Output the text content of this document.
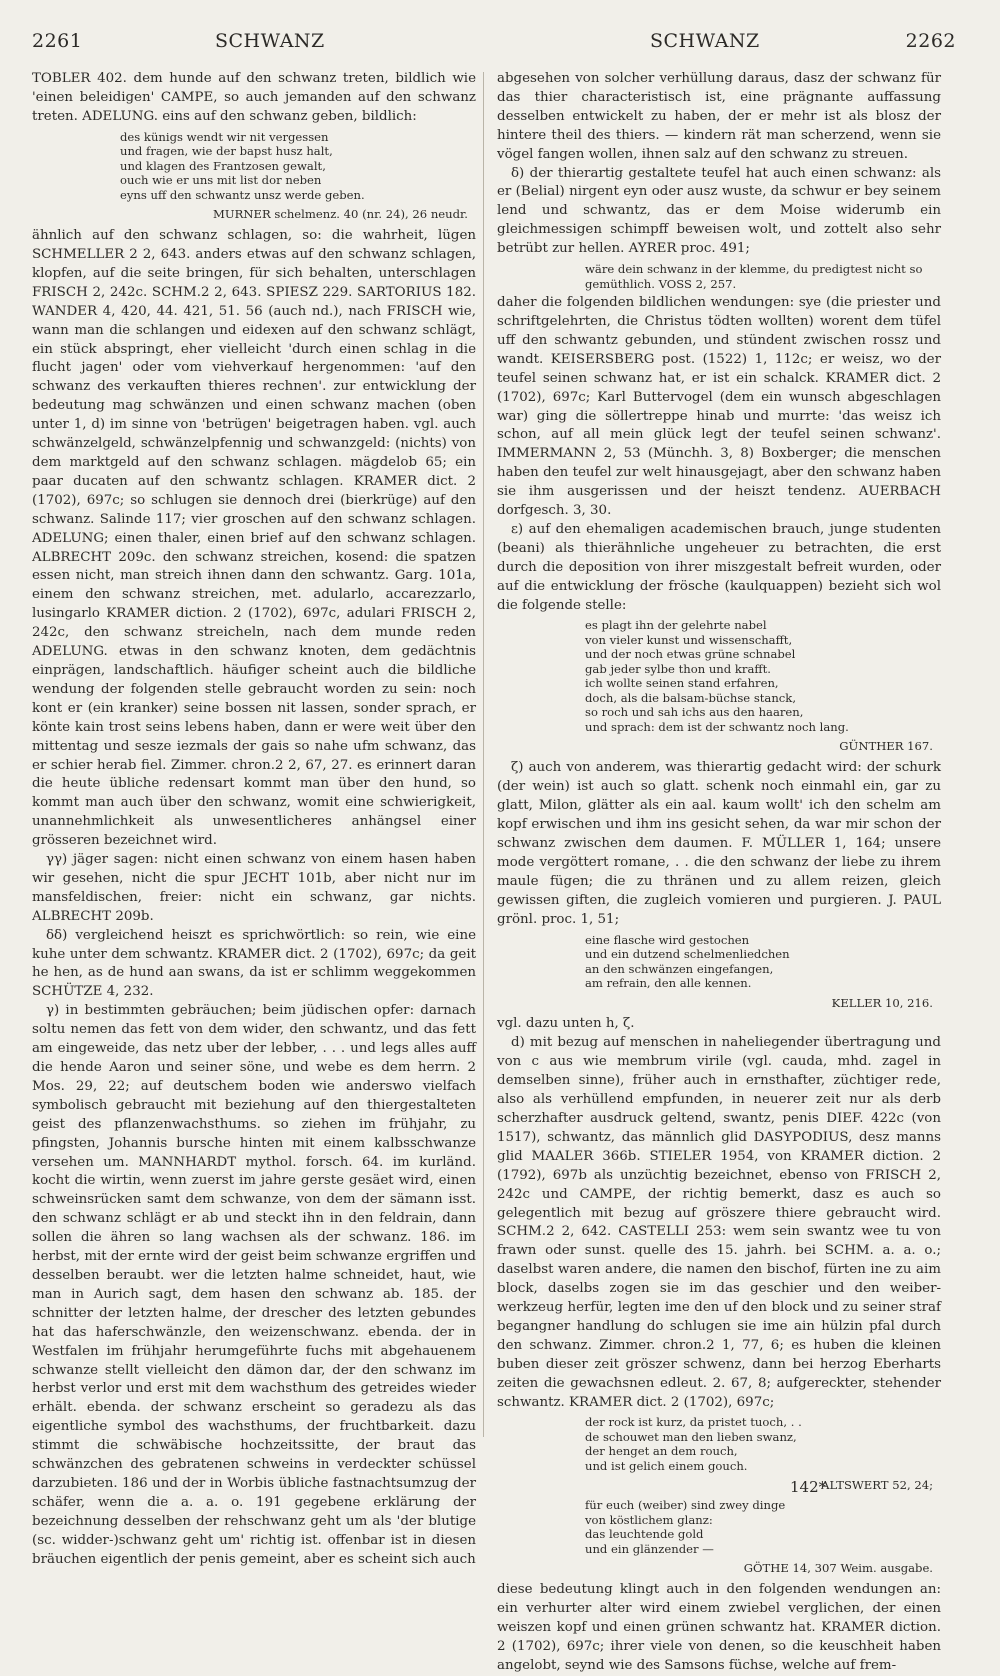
2261	SCHWANZ	SCHWANZ	2262

TOBLER 402. dem hunde auf den schwanz treten, bildlich wie 'einen beleidigen' CAMPE, so auch jemanden auf den schwanz treten. ADELUNG. eins auf den schwanz geben, bildlich:

des künigs wendt wir nit vergessen
und fragen, wie der bapst husz halt,
und klagen des Frantzosen gewalt,
ouch wie er uns mit list dor neben
eyns uff den schwantz unsz werde geben.

MURNER schelmenz. 40 (nr. 24), 26 neudr.

ähnlich auf den schwanz schlagen, so: die wahrheit, lügen SCHMELLER 2 2, 643. anders etwas auf den schwanz schlagen, klopfen, auf die seite bringen, für sich behalten, unterschlagen FRISCH 2, 242c. SCHM.2 2, 643. SPIESZ 229. SARTORIUS 182. WANDER 4, 420, 44. 421, 51. 56 (auch nd.), nach FRISCH wie, wann man die schlangen und eidexen auf den schwanz schlägt, ein stück abspringt, eher vielleicht 'durch einen schlag in die flucht jagen' oder vom viehverkauf hergenommen: 'auf den schwanz des verkauften thieres rechnen'. zur entwicklung der bedeutung mag schwänzen und einen schwanz machen (oben unter 1, d) im sinne von 'betrügen' beigetragen haben. vgl. auch schwänzelgeld, schwänzelpfennig und schwanzgeld: (nichts) von dem marktgeld auf den schwanz schlagen. mägdelob 65; ein paar ducaten auf den schwantz schlagen. KRAMER dict. 2 (1702), 697c; so schlugen sie dennoch drei (bierkrüge) auf den schwanz. Salinde 117; vier groschen auf den schwanz schlagen. ADELUNG; einen thaler, einen brief auf den schwanz schlagen. ALBRECHT 209c. den schwanz streichen, kosend: die spatzen essen nicht, man streich ihnen dann den schwantz. Garg. 101a, einem den schwanz streichen, met. adularlo, accarezzarlo, lusingarlo KRAMER diction. 2 (1702), 697c, adulari FRISCH 2, 242c, den schwanz streicheln, nach dem munde reden ADELUNG. etwas in den schwanz knoten, dem gedächtnis einprägen, landschaftlich. häufiger scheint auch die bildliche wendung der folgenden stelle gebraucht worden zu sein: noch kont er (ein kranker) seine bossen nit lassen, sonder sprach, er könte kain trost seins lebens haben, dann er were weit über den mittentag und sesze iezmals der gais so nahe ufm schwanz, das er schier herab fiel. Zimmer. chron.2 2, 67, 27. es erinnert daran die heute übliche redensart kommt man über den hund, so kommt man auch über den schwanz, womit eine schwierigkeit, unannehmlichkeit als unwesentlicheres anhängsel einer grösseren bezeichnet wird.

γγ) jäger sagen: nicht einen schwanz von einem hasen haben wir gesehen, nicht die spur JECHT 101b, aber nicht nur im mansfeldischen, freier: nicht ein schwanz, gar nichts. ALBRECHT 209b.

δδ) vergleichend heiszt es sprichwörtlich: so rein, wie eine kuhe unter dem schwantz. KRAMER dict. 2 (1702), 697c; da geit he hen, as de hund aan swans, da ist er schlimm weggekommen SCHÜTZE 4, 232.

γ) in bestimmten gebräuchen; beim jüdischen opfer: darnach soltu nemen das fett von dem wider, den schwantz, und das fett am eingeweide, das netz uber der lebber, . . . und legs alles auff die hende Aaron und seiner söne, und webe es dem herrn. 2 Mos. 29, 22; auf deutschem boden wie anderswo vielfach symbolisch gebraucht mit beziehung auf den thiergestalteten geist des pflanzenwachsthums. so ziehen im frühjahr, zu pfingsten, Johannis bursche hinten mit einem kalbsschwanze versehen um. MANNHARDT mythol. forsch. 64. im kurländ. kocht die wirtin, wenn zuerst im jahre gerste gesäet wird, einen schweinsrücken samt dem schwanze, von dem der sämann isst. den schwanz schlägt er ab und steckt ihn in den feldrain, dann sollen die ähren so lang wachsen als der schwanz. 186. im herbst, mit der ernte wird der geist beim schwanze ergriffen und desselben beraubt. wer die letzten halme schneidet, haut, wie man in Aurich sagt, dem hasen den schwanz ab. 185. der schnitter der letzten halme, der drescher des letzten gebundes hat das haferschwänzle, den weizenschwanz. ebenda. der in Westfalen im frühjahr herumgeführte fuchs mit abgehauenem schwanze stellt vielleicht den dämon dar, der den schwanz im herbst verlor und erst mit dem wachsthum des getreides wieder erhält. ebenda. der schwanz erscheint so geradezu als das eigentliche symbol des wachsthums, der fruchtbarkeit. dazu stimmt die schwäbische hochzeitssitte, der braut das schwänzchen des gebratenen schweins in verdeckter schüssel darzubieten. 186 und der in Worbis übliche fastnachtsumzug der schäfer, wenn die a. a. o. 191 gegebene erklärung der bezeichnung desselben der rehschwanz geht um als 'der blutige (sc. widder-)schwanz geht um' richtig ist. offenbar ist in diesen bräuchen eigentlich der penis gemeint, aber es scheint sich auch

abgesehen von solcher verhüllung daraus, dasz der schwanz für das thier characteristisch ist, eine prägnante auffassung desselben entwickelt zu haben, der er mehr ist als blosz der hintere theil des thiers. — kindern rät man scherzend, wenn sie vögel fangen wollen, ihnen salz auf den schwanz zu streuen.

δ) der thierartig gestaltete teufel hat auch einen schwanz: als er (Belial) nirgent eyn oder ausz wuste, da schwur er bey seinem lend und schwantz, das er dem Moise widerumb ein gleichmessigen schimpff beweisen wolt, und zottelt also sehr betrübt zur hellen. AYRER proc. 491;

wäre dein schwanz in der klemme, du predigtest nicht so
gemüthlich. VOSS 2, 257.

daher die folgenden bildlichen wendungen: sye (die priester und schriftgelehrten, die Christus tödten wollten) worent dem tüfel uff den schwantz gebunden, und stündent zwischen rossz und wandt. KEISERSBERG post. (1522) 1, 112c; er weisz, wo der teufel seinen schwanz hat, er ist ein schalck. KRAMER dict. 2 (1702), 697c; Karl Buttervogel (dem ein wunsch abgeschlagen war) ging die söllertreppe hinab und murrte: 'das weisz ich schon, auf all mein glück legt der teufel seinen schwanz'. IMMERMANN 2, 53 (Münchh. 3, 8) Boxberger; die menschen haben den teufel zur welt hinausgejagt, aber den schwanz haben sie ihm ausgerissen und der heiszt tendenz. AUERBACH dorfgesch. 3, 30.

ε) auf den ehemaligen academischen brauch, junge studenten (beani) als thierähnliche ungeheuer zu betrachten, die erst durch die deposition von ihrer miszgestalt befreit wurden, oder auf die entwicklung der frösche (kaulquappen) bezieht sich wol die folgende stelle:

es plagt ihn der gelehrte nabel
von vieler kunst und wissenschafft,
und der noch etwas grüne schnabel
gab jeder sylbe thon und krafft.
ich wollte seinen stand erfahren,
doch, als die balsam-büchse stanck,
so roch und sah ichs aus den haaren,
und sprach: dem ist der schwantz noch lang.

GÜNTHER 167.

ζ) auch von anderem, was thierartig gedacht wird: der schurk (der wein) ist auch so glatt. schenk noch einmahl ein, gar zu glatt, Milon, glätter als ein aal. kaum wollt' ich den schelm am kopf erwischen und ihm ins gesicht sehen, da war mir schon der schwanz zwischen dem daumen. F. MÜLLER 1, 164; unsere mode vergöttert romane, . . die den schwanz der liebe zu ihrem maule fügen; die zu thränen und zu allem reizen, gleich gewissen giften, die zugleich vomieren und purgieren. J. PAUL grönl. proc. 1, 51;

eine flasche wird gestochen
und ein dutzend schelmenliedchen
an den schwänzen eingefangen,
am refrain, den alle kennen.

KELLER 10, 216.

vgl. dazu unten h, ζ.

d) mit bezug auf menschen in naheliegender übertragung und von c aus wie membrum virile (vgl. cauda, mhd. zagel in demselben sinne), früher auch in ernsthafter, züchtiger rede, also als verhüllend empfunden, in neuerer zeit nur als derb scherzhafter ausdruck geltend, swantz, penis DIEF. 422c (von 1517), schwantz, das männlich glid DASYPODIUS, desz manns glid MAALER 366b. STIELER 1954, von KRAMER diction. 2 (1792), 697b als unzüchtig bezeichnet, ebenso von FRISCH 2, 242c und CAMPE, der richtig bemerkt, dasz es auch so gelegentlich mit bezug auf gröszere thiere gebraucht wird. SCHM.2 2, 642. CASTELLI 253: wem sein swantz wee tu von frawn oder sunst. quelle des 15. jahrh. bei SCHM. a. a. o.; daselbst waren andere, die namen den bischof, fürten ine zu aim block, daselbs zogen sie im das geschier und den weiber-werkzeug herfür, legten ime den uf den block und zu seiner straf begangner handlung do schlugen sie ime ain hülzin pfal durch den schwanz. Zimmer. chron.2 1, 77, 6; es huben die kleinen buben dieser zeit gröszer schwenz, dann bei herzog Eberharts zeiten die gewachsnen edleut. 2. 67, 8; aufgereckter, stehender schwantz. KRAMER dict. 2 (1702), 697c;

der rock ist kurz, da pristet tuoch, . .
de schouwet man den lieben swanz,
der henget an dem rouch,
und ist gelich einem gouch.

ALTSWERT 52, 24;

für euch (weiber) sind zwey dinge
von köstlichem glanz:
das leuchtende gold
und ein glänzender —

GÖTHE 14, 307 Weim. ausgabe.

diese bedeutung klingt auch in den folgenden wendungen an: ein verhurter alter wird einem zwiebel verglichen, der einen weiszen kopf und einen grünen schwantz hat. KRAMER diction. 2 (1702), 697c; ihrer viele von denen, so die keuschheit haben angelobt, seynd wie des Samsons füchse, welche auf frem-

142*
